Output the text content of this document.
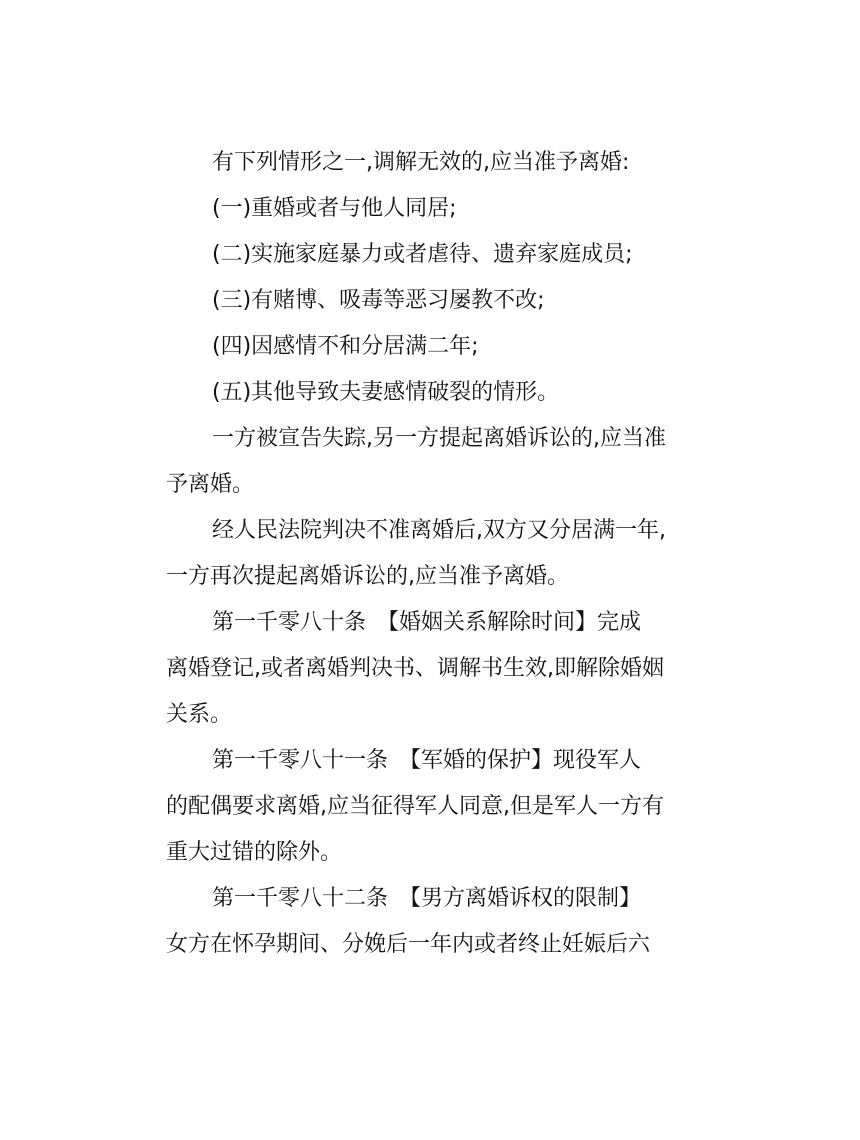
有下列情形之一,调解无效的,应当准予离婚:
(一)重婚或者与他人同居;
(二)实施家庭暴力或者虐待、遗弃家庭成员;
(三)有赌博、吸毒等恶习屡教不改;
(四)因感情不和分居满二年;
(五)其他导致夫妻感情破裂的情形。
一方被宣告失踪,另一方提起离婚诉讼的,应当准
予离婚。
经人民法院判决不准离婚后,双方又分居满一年,
一方再次提起离婚诉讼的,应当准予离婚。
第一千零八十条　【婚姻关系解除时间】完成
离婚登记,或者离婚判决书、调解书生效,即解除婚姻
关系。
第一千零八十一条　【军婚的保护】现役军人
的配偶要求离婚,应当征得军人同意,但是军人一方有
重大过错的除外。
第一千零八十二条　【男方离婚诉权的限制】
女方在怀孕期间、分娩后一年内或者终止妊娠后六
